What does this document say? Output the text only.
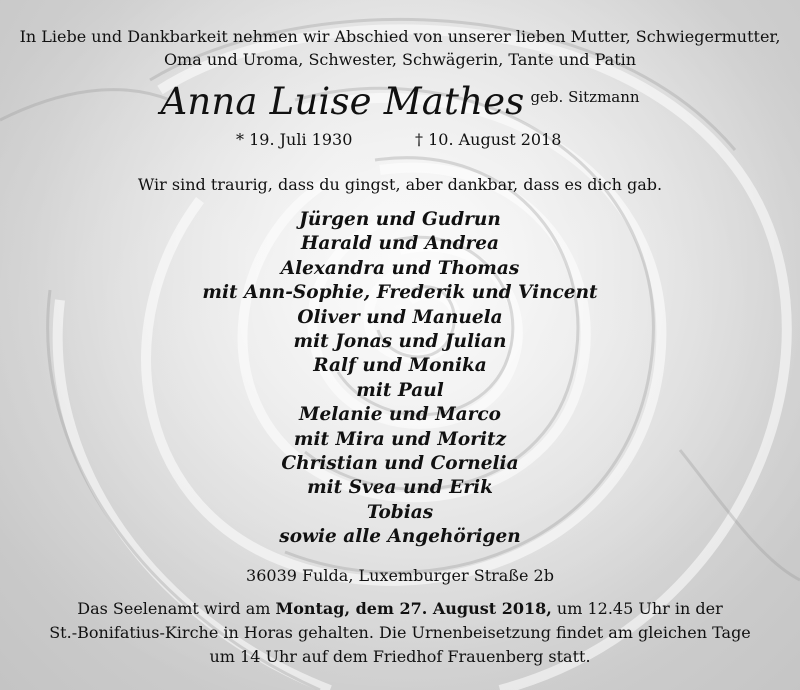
In Liebe und Dankbarkeit nehmen wir Abschied von unserer lieben Mutter, Schwiegermutter,
Oma und Uroma, Schwester, Schwägerin, Tante und Patin
Anna Luise Mathes geb. Sitzmann
* 19. Juli 1930	† 10. August 2018
Wir sind traurig, dass du gingst, aber dankbar, dass es dich gab.
Jürgen und Gudrun
Harald und Andrea
Alexandra und Thomas
mit Ann-Sophie, Frederik und Vincent
Oliver und Manuela
mit Jonas und Julian
Ralf und Monika
mit Paul
Melanie und Marco
mit Mira und Moritz
Christian und Cornelia
mit Svea und Erik
Tobias
sowie alle Angehörigen
36039 Fulda, Luxemburger Straße 2b
Das Seelenamt wird am Montag, dem 27. August 2018, um 12.45 Uhr in der
St.-Bonifatius-Kirche in Horas gehalten. Die Urnenbeisetzung findet am gleichen Tage
um 14 Uhr auf dem Friedhof Frauenberg statt.
